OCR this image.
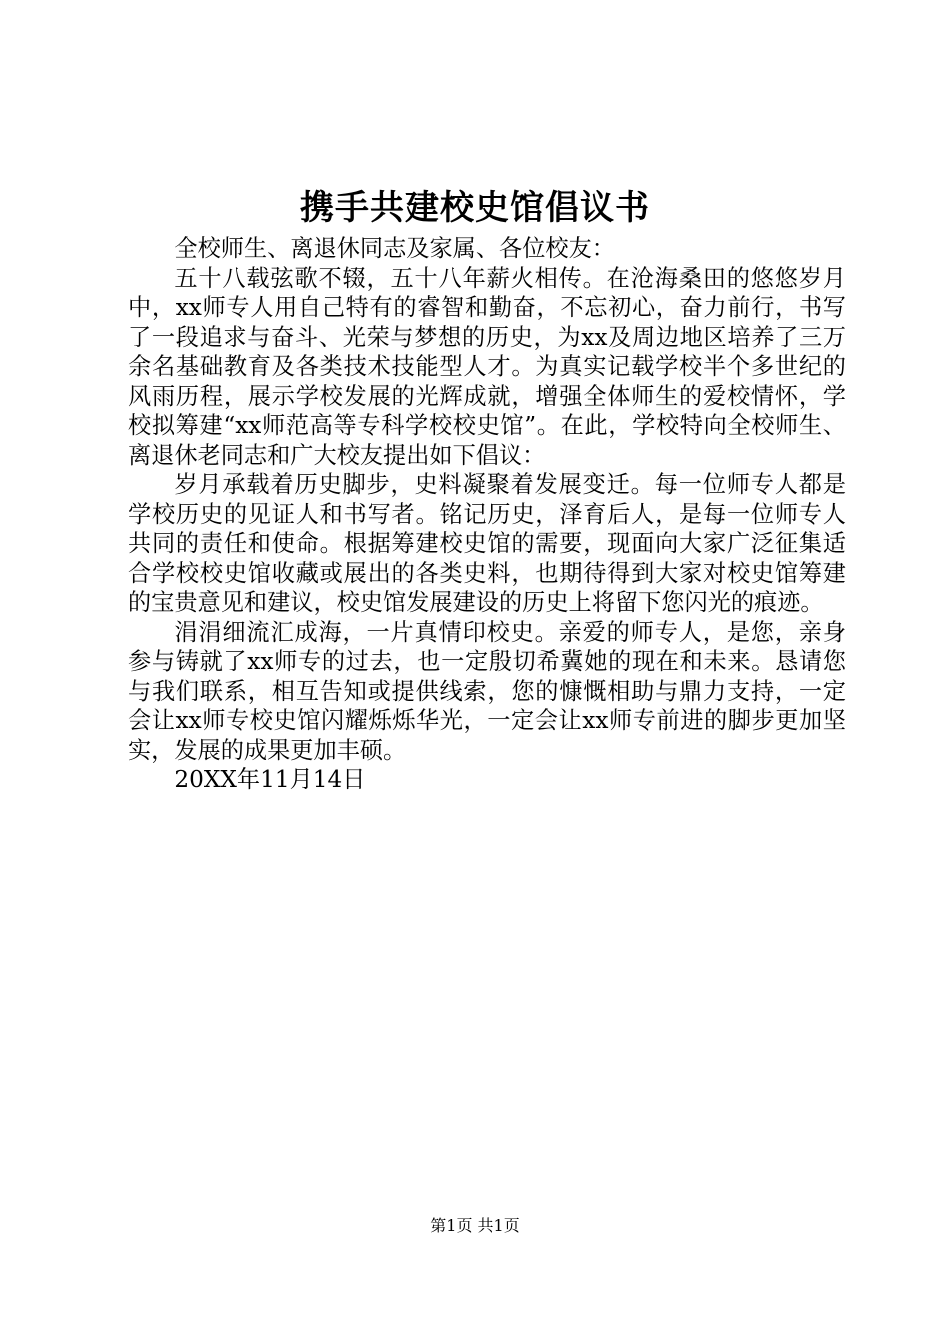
携手共建校史馆倡议书

全校师生、离退休同志及家属、各位校友：

五十八载弦歌不辍，五十八年薪火相传。在沧海桑田的悠悠岁月中，xx师专人用自己特有的睿智和勤奋，不忘初心，奋力前行，书写了一段追求与奋斗、光荣与梦想的历史，为xx及周边地区培养了三万余名基础教育及各类技术技能型人才。为真实记载学校半个多世纪的风雨历程，展示学校发展的光辉成就，增强全体师生的爱校情怀，学校拟筹建“xx师范高等专科学校校史馆”。在此，学校特向全校师生、离退休老同志和广大校友提出如下倡议：

岁月承载着历史脚步，史料凝聚着发展变迁。每一位师专人都是学校历史的见证人和书写者。铭记历史，泽育后人，是每一位师专人共同的责任和使命。根据筹建校史馆的需要，现面向大家广泛征集适合学校校史馆收藏或展出的各类史料，也期待得到大家对校史馆筹建的宝贵意见和建议，校史馆发展建设的历史上将留下您闪光的痕迹。

涓涓细流汇成海，一片真情印校史。亲爱的师专人，是您，亲身参与铸就了xx师专的过去，也一定殷切希冀她的现在和未来。恳请您与我们联系，相互告知或提供线索，您的慷慨相助与鼎力支持，一定会让xx师专校史馆闪耀烁烁华光，一定会让xx师专前进的脚步更加坚实，发展的成果更加丰硕。

20XX年11月14日

第1页 共1页
